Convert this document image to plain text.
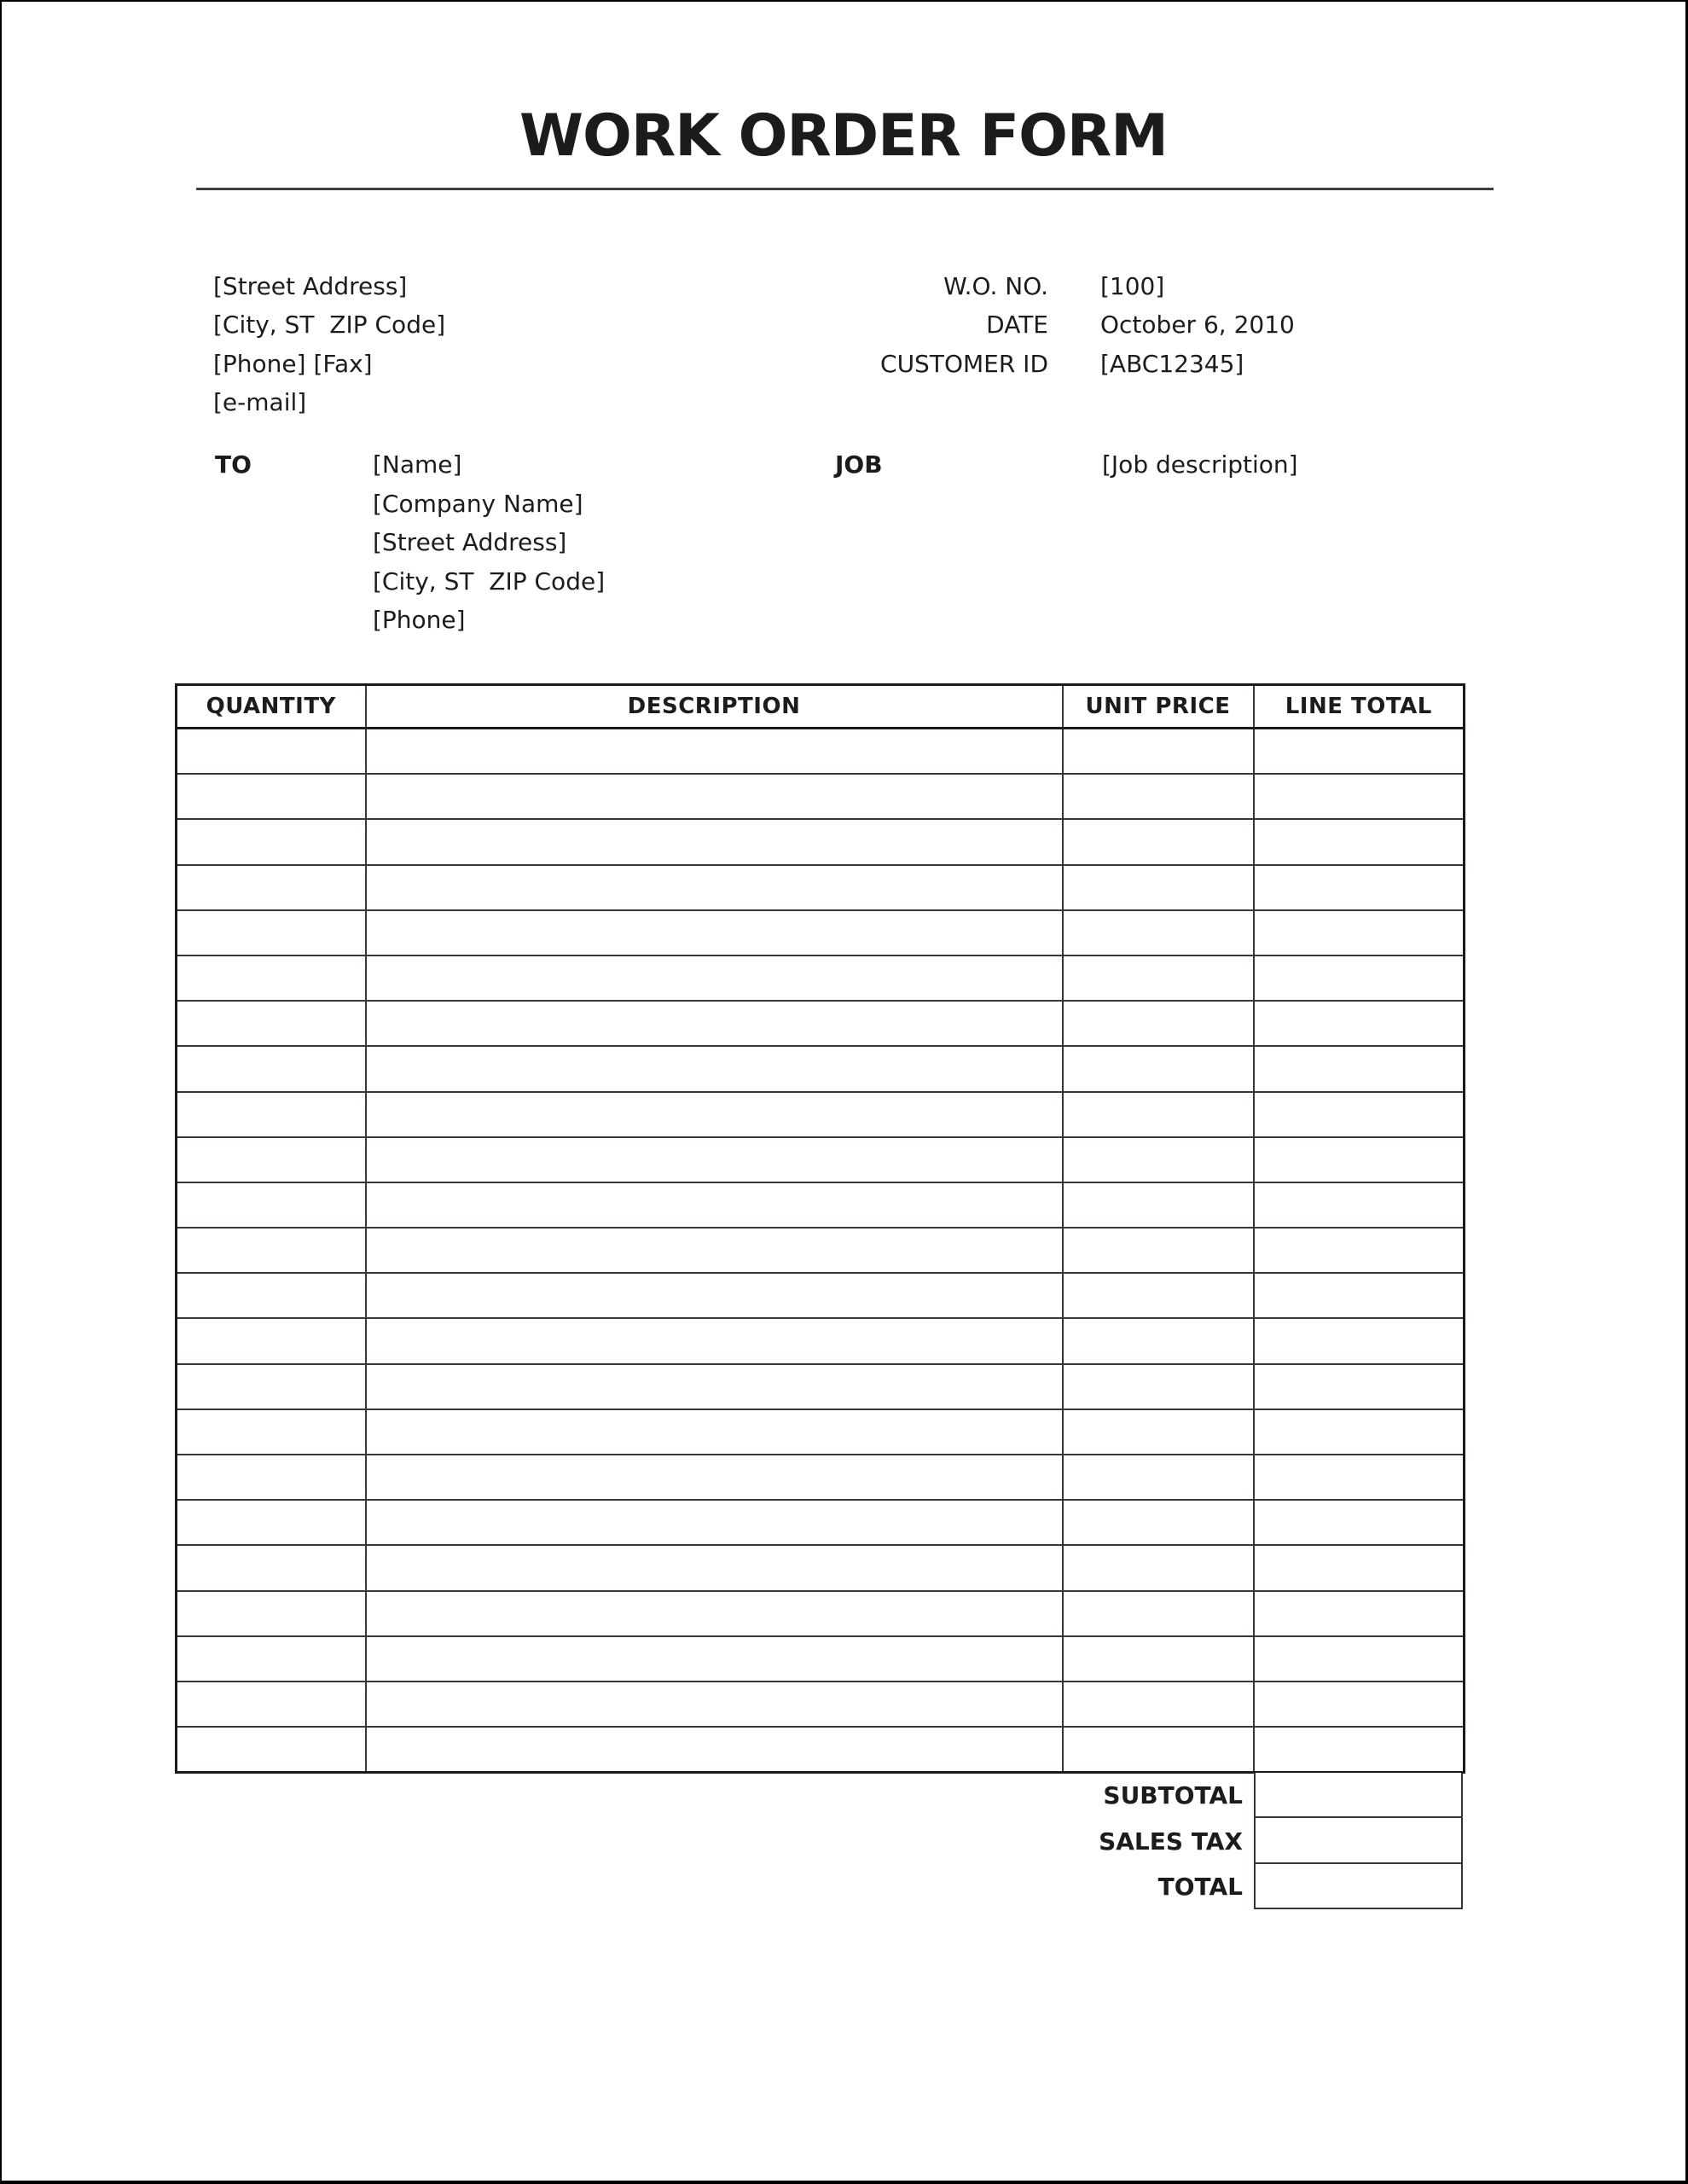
WORK ORDER FORM
[Street Address]
[City, ST  ZIP Code]
[Phone] [Fax]
[e-mail]
W.O. NO. [100]
DATE October 6, 2010
CUSTOMER ID [ABC12345]
TO	[Name]
[Company Name]
[Street Address]
[City, ST  ZIP Code]
[Phone]
JOB	[Job description]
QUANTITY	DESCRIPTION	UNIT PRICE	LINE TOTAL

SUBTOTAL
SALES TAX
TOTAL
